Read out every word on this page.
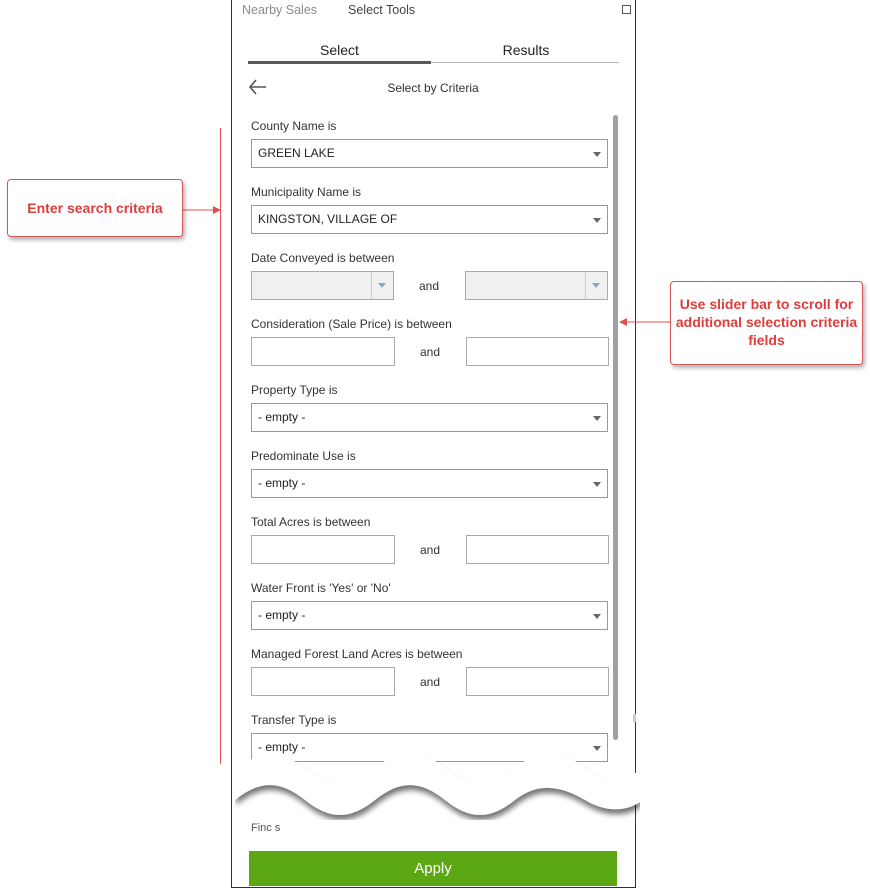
Nearby Sales Select Tools
Select	Results
Select by Criteria
County Name is
GREEN LAKE
Municipality Name is
KINGSTON, VILLAGE OF
Date Conveyed is between
and
Consideration (Sale Price) is between
and
Property Type is
- empty -
Predominate Use is
- empty -
Total Acres is between
and
Water Front is 'Yes' or 'No'
- empty -
Managed Forest Land Acres is between
and
Transfer Type is
- empty -
Finc s
Apply
Enter search criteria
Use slider bar to scroll for additional selection criteria fields
